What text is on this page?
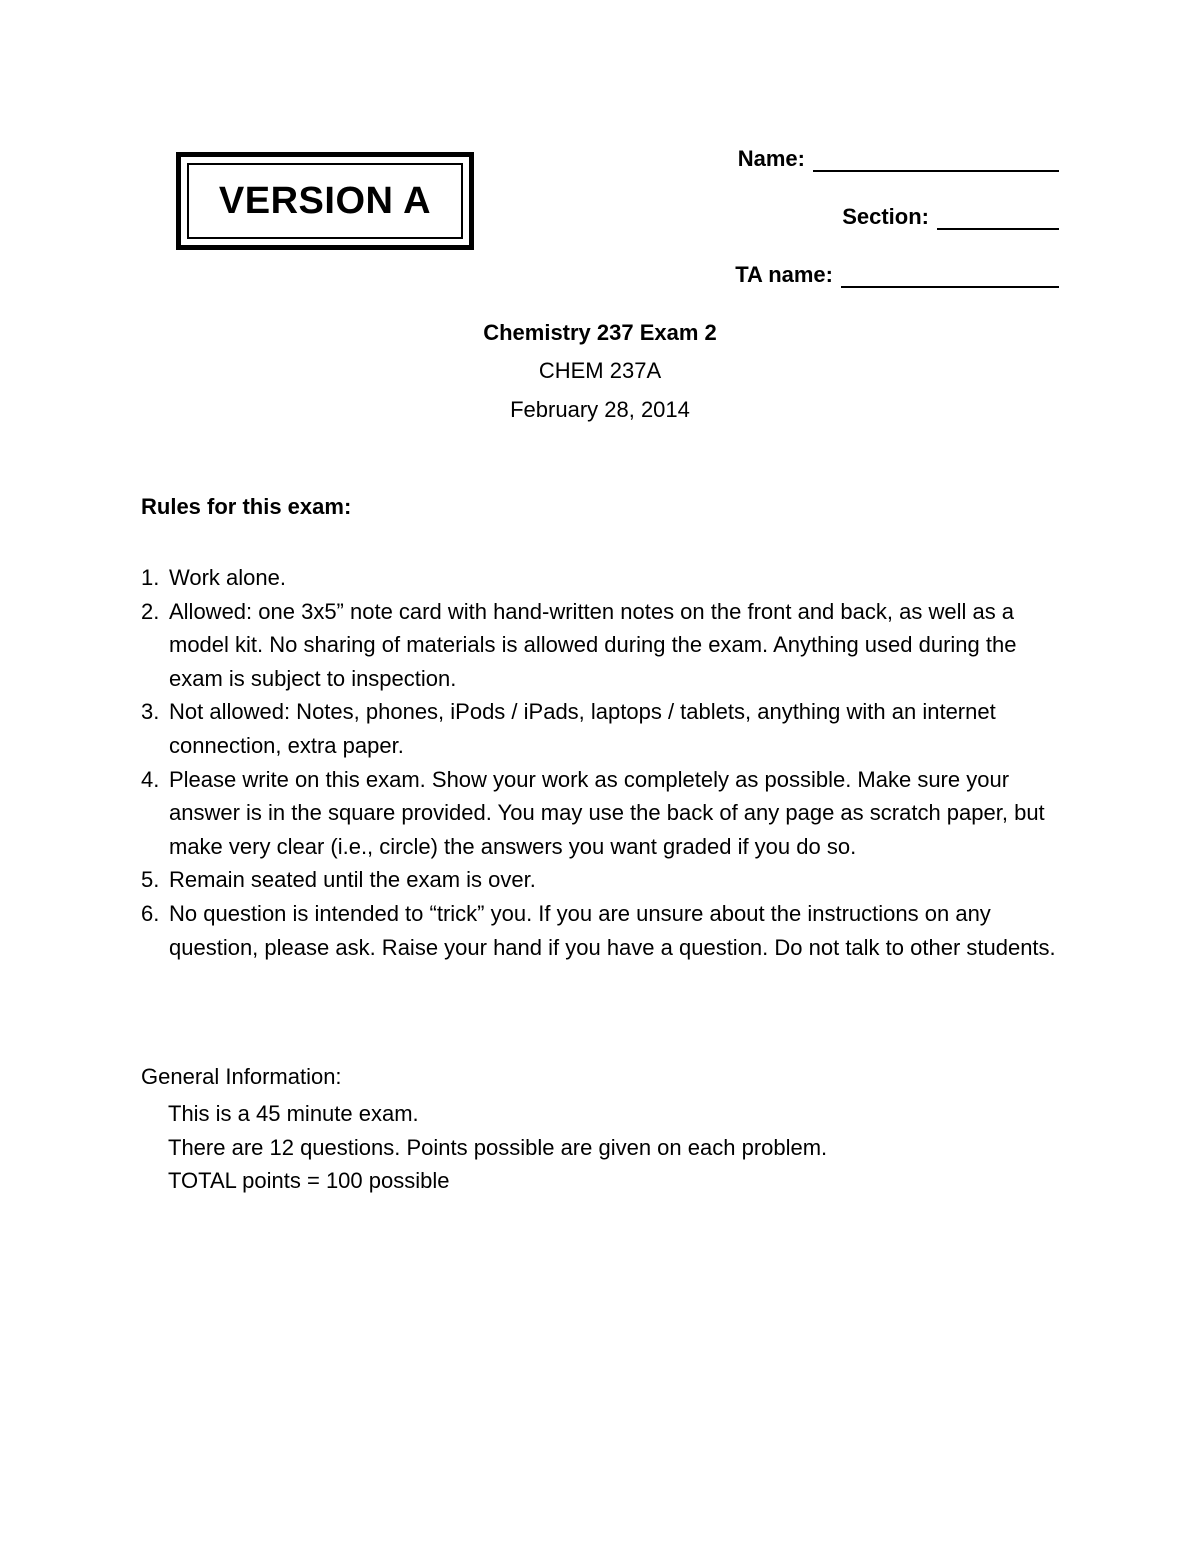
VERSION A
Name:
Section:
TA name:
Chemistry 237 Exam 2
CHEM 237A
February 28, 2014
Rules for this exam:
1. Work alone.
2. Allowed: one 3x5” note card with hand-written notes on the front and back, as well as a model kit. No sharing of materials is allowed during the exam. Anything used during the exam is subject to inspection.
3. Not allowed: Notes, phones, iPods / iPads, laptops / tablets, anything with an internet connection, extra paper.
4. Please write on this exam. Show your work as completely as possible. Make sure your answer is in the square provided. You may use the back of any page as scratch paper, but make very clear (i.e., circle) the answers you want graded if you do so.
5. Remain seated until the exam is over.
6. No question is intended to “trick” you. If you are unsure about the instructions on any question, please ask. Raise your hand if you have a question. Do not talk to other students.
General Information:
This is a 45 minute exam.
There are 12 questions. Points possible are given on each problem.
TOTAL points = 100 possible
